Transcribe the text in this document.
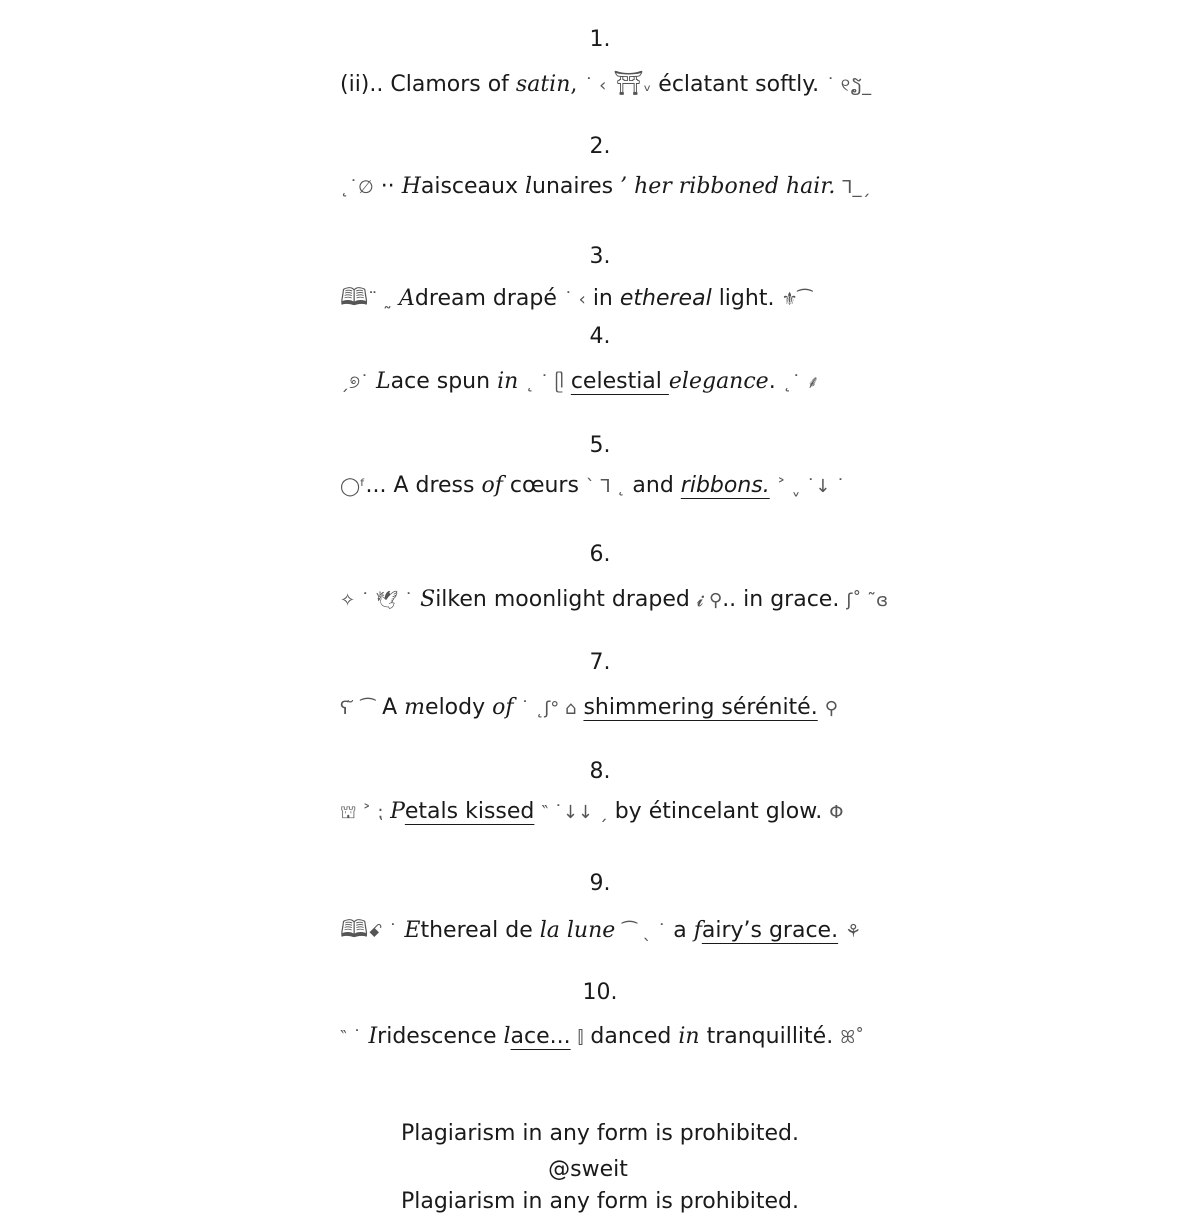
1.
(ii).. Clamors of satin, ˙ ‹ ⛩ᵥ éclatant softly. ˙ ୧ຽ_
2.
˛˙∅ ·· Haisceaux lunaires ’ her ribboned hair. Ꞁ_ˏ
3.
🕮¨ ˷ Adream drapé ˙ ‹ in ethereal light. ⚜⁀
4.
ˏ୭˙ Lace spun in ˛ ˙ ᥫ celestial elegance. ˛˙ ⸙
5.
◯ᶠ... A dress of cœurs ` Ꞁ ˛ and ribbons. ˃ ˬ ˙↓ ˙
6.
✧ ˙ 🕊 ˙ Silken moonlight draped 𝓲 ⚲.. in grace. ʃ˚ ˜ɞ
7.
ʕ ̆ ⁀ A melody of ˙ ˛ʃ° ⌂ shimmering sérénité. ⚲
8.
⛫ ˃ ⁏ Petals kissed ‶ ˙↓↓ ˏ by étincelant glow. Φ
9.
🕮ꗃ ˙ Ethereal de la lune ⁀ ˎ ˙ a fairy’s grace. ⚘
10.
‶ ˙ Iridescence lace... ⫿ danced in tranquillité. ꕤ˚
Plagiarism in any form is prohibited.
@sweit
Plagiarism in any form is prohibited.
